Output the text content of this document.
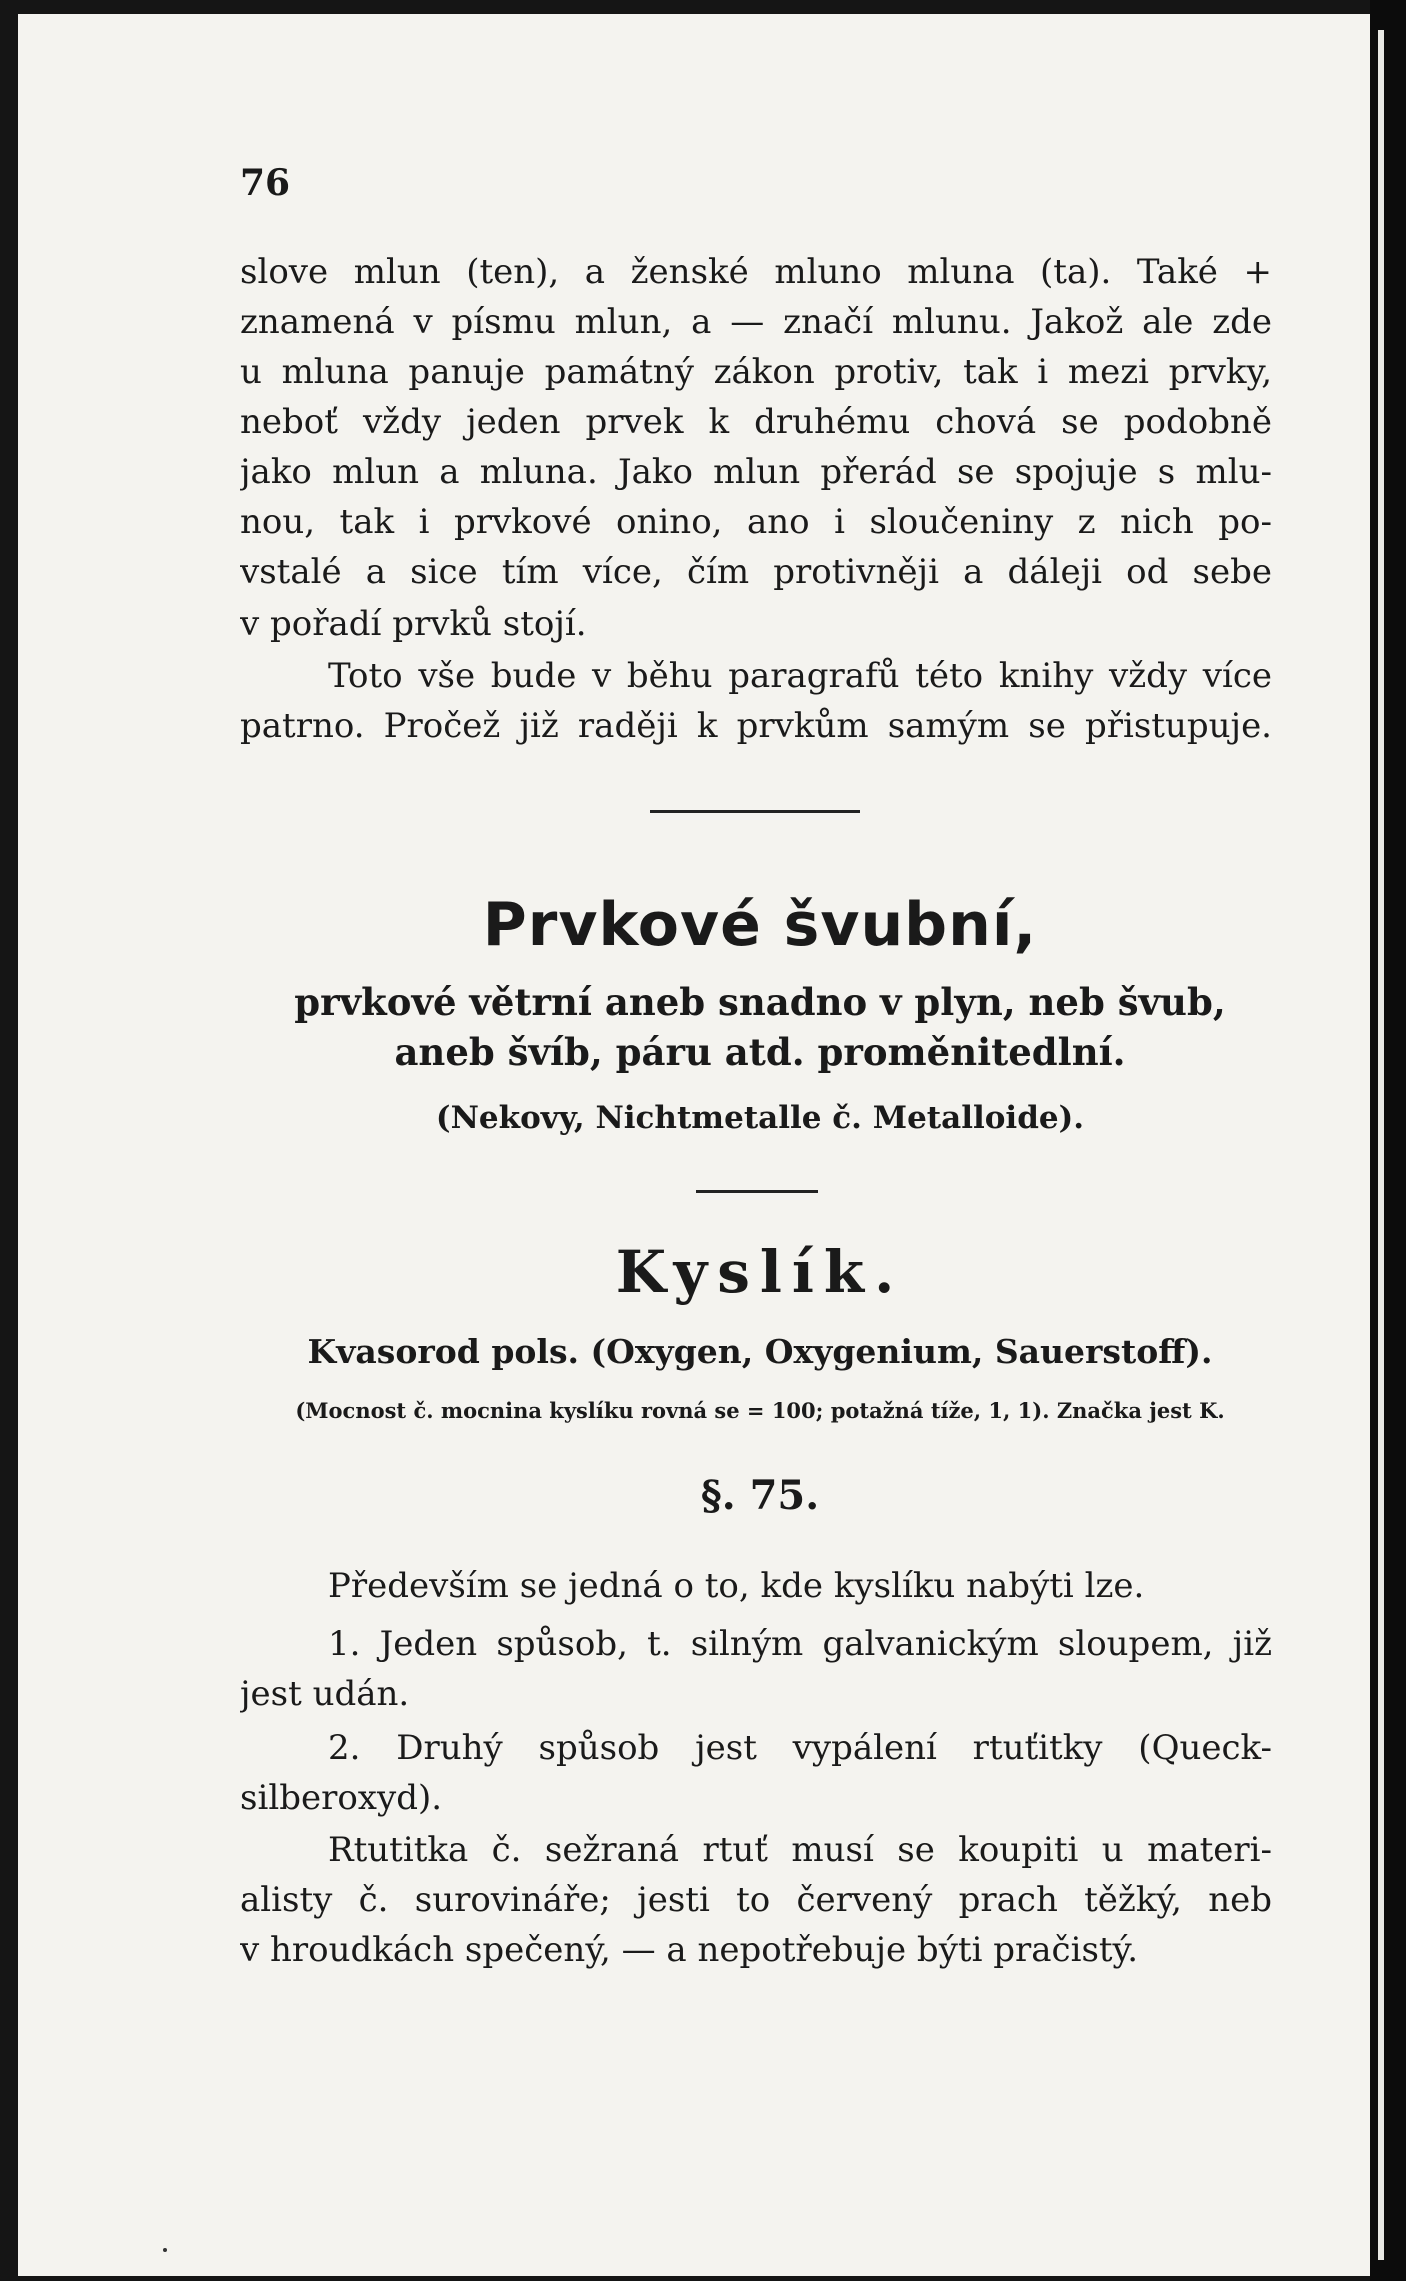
76
slove mlun (ten), a ženské mluno mluna (ta). Také +
znamená v písmu mlun, a — značí mlunu. Jakož ale zde
u mluna panuje památný zákon protiv, tak i mezi prvky,
neboť vždy jeden prvek k druhému chová se podobně
jako mlun a mluna. Jako mlun přerád se spojuje s mlu-
nou, tak i prvkové onino, ano i sloučeniny z nich po-
vstalé a sice tím více, čím protivněji a dáleji od sebe
v pořadí prvků stojí.
Toto vše bude v běhu paragrafů této knihy vždy více
patrno. Pročež již raději k prvkům samým se přistupuje.
Prvkové švubní,
prvkové větrní aneb snadno v plyn, neb švub,
aneb švíb, páru atd. proměnitedlní.
(Nekovy, Nichtmetalle č. Metalloide).
Kyslík.
Kvasorod pols. (Oxygen, Oxygenium, Sauerstoff).
(Mocnost č. mocnina kyslíku rovná se = 100; potažná tíže, 1, 1). Značka jest K.
§. 75.
Především se jedná o to, kde kyslíku nabýti lze.
1. Jeden spůsob, t. silným galvanickým sloupem, již
jest udán.
2. Druhý spůsob jest vypálení rtuťitky (Queck-
silberoxyd).
Rtutitka č. sežraná rtuť musí se koupiti u materi-
alisty č. surovináře; jesti to červený prach těžký, neb
v hroudkách spečený, — a nepotřebuje býti pračistý.
